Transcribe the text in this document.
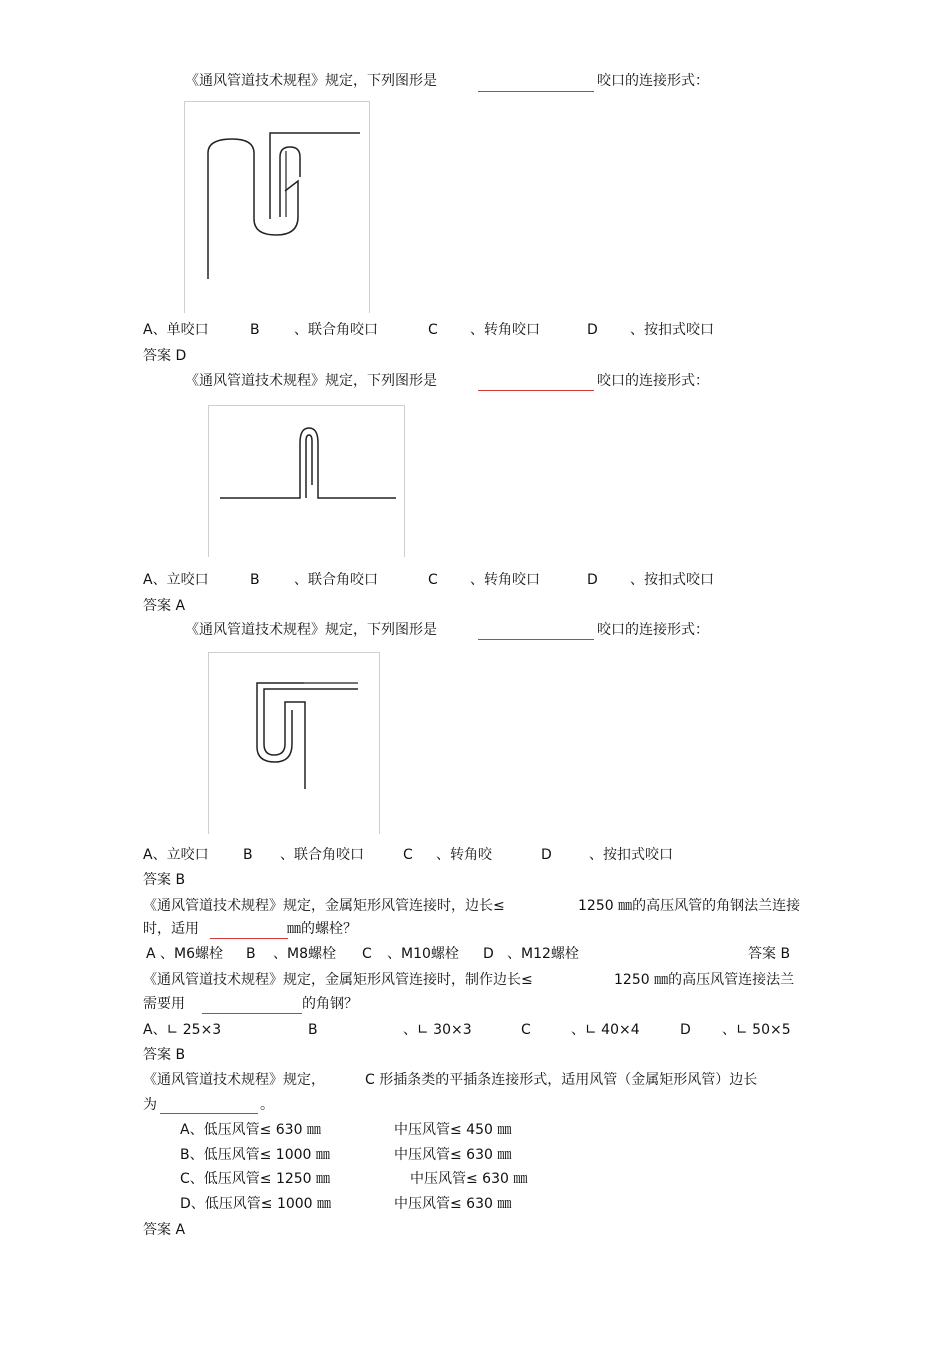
《通风管道技术规程》规定，下列图形是	咬口的连接形式：
A、单咬口	B 、联合角咬口	C 、转角咬口	D 、按扣式咬口
答案 D
《通风管道技术规程》规定，下列图形是	咬口的连接形式：
A、立咬口	B 、联合角咬口	C 、转角咬口	D 、按扣式咬口
答案 A
《通风管道技术规程》规定，下列图形是	咬口的连接形式：
A、立咬口 B 、联合角咬口	C 、转角咬	D	、按扣式咬口
答案 B
《通风管道技术规程》规定，金属矩形风管连接时，边长≤	1250 ㎜的高压风管的角钢法兰连接
时，适用	㎜的螺栓？
A 、M6螺栓 B 、M8螺栓 C 、M10螺栓 D 、M12螺栓	答案 B
《通风管道技术规程》规定，金属矩形风管连接时，制作边长≤	1250 ㎜的高压风管连接法兰
需要用	的角钢？
A、∟ 25×3	B	、∟ 30×3	C	、∟ 40×4	D 、∟ 50×5
答案 B
《通风管道技术规程》规定，	C 形插条类的平插条连接形式，适用风管（金属矩形风管）边长
为	。
A、低压风管≤ 630 ㎜	中压风管≤ 450 ㎜
B、低压风管≤ 1000 ㎜	中压风管≤ 630 ㎜
C、低压风管≤ 1250 ㎜	中压风管≤ 630 ㎜
D、低压风管≤ 1000 ㎜	中压风管≤ 630 ㎜
答案 A
